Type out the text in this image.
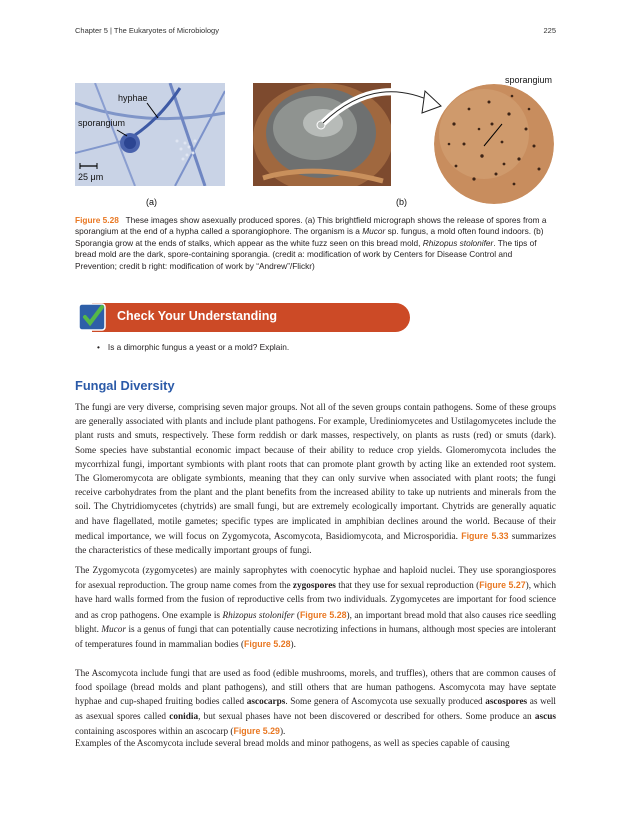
Chapter 5 | The Eukaryotes of Microbiology	225
hyphae
sporangium
25 μm
sporangium
(a)	(b)
Figure 5.28 These images show asexually produced spores. (a) This brightfield micrograph shows the release of spores from a sporangium at the end of a hypha called a sporangiophore. The organism is a Mucor sp. fungus, a mold often found indoors. (b) Sporangia grow at the ends of stalks, which appear as the white fuzz seen on this bread mold, Rhizopus stolonifer. The tips of bread mold are the dark, spore-containing sporangia. (credit a: modification of work by Centers for Disease Control and Prevention; credit b right: modification of work by “Andrew”/Flickr)
Check Your Understanding
• Is a dimorphic fungus a yeast or a mold? Explain.
Fungal Diversity

The fungi are very diverse, comprising seven major groups. Not all of the seven groups contain pathogens. Some of these groups are generally associated with plants and include plant pathogens. For example, Urediniomycetes and Ustilagomycetes include the plant rusts and smuts, respectively. These form reddish or dark masses, respectively, on plants as rusts (red) or smuts (dark). Some species have substantial economic impact because of their ability to reduce crop yields. Glomeromycota includes the mycorrhizal fungi, important symbionts with plant roots that can promote plant growth by acting like an extended root system. The Glomeromycota are obligate symbionts, meaning that they can only survive when associated with plant roots; the fungi receive carbohydrates from the plant and the plant benefits from the increased ability to take up nutrients and minerals from the soil. The Chytridiomycetes (chytrids) are small fungi, but are extremely ecologically important. Chytrids are generally aquatic and have flagellated, motile gametes; specific types are implicated in amphibian declines around the world. Because of their medical importance, we will focus on Zygomycota, Ascomycota, Basidiomycota, and Microsporidia. Figure 5.33 summarizes the characteristics of these medically important groups of fungi.

The Zygomycota (zygomycetes) are mainly saprophytes with coenocytic hyphae and haploid nuclei. They use sporangiospores for asexual reproduction. The group name comes from the zygospores that they use for sexual reproduction (Figure 5.27), which have hard walls formed from the fusion of reproductive cells from two individuals. Zygomycetes are important for food science and as crop pathogens. One example is Rhizopus stolonifer (Figure 5.28), an important bread mold that also causes rice seedling blight. Mucor is a genus of fungi that can potentially cause necrotizing infections in humans, although most species are intolerant of temperatures found in mammalian bodies (Figure 5.28).

The Ascomycota include fungi that are used as food (edible mushrooms, morels, and truffles), others that are common causes of food spoilage (bread molds and plant pathogens), and still others that are human pathogens. Ascomycota may have septate hyphae and cup-shaped fruiting bodies called ascocarps. Some genera of Ascomycota use sexually produced ascospores as well as asexual spores called conidia, but sexual phases have not been discovered or described for others. Some produce an ascus containing ascospores within an ascocarp (Figure 5.29).

Examples of the Ascomycota include several bread molds and minor pathogens, as well as species capable of causing
